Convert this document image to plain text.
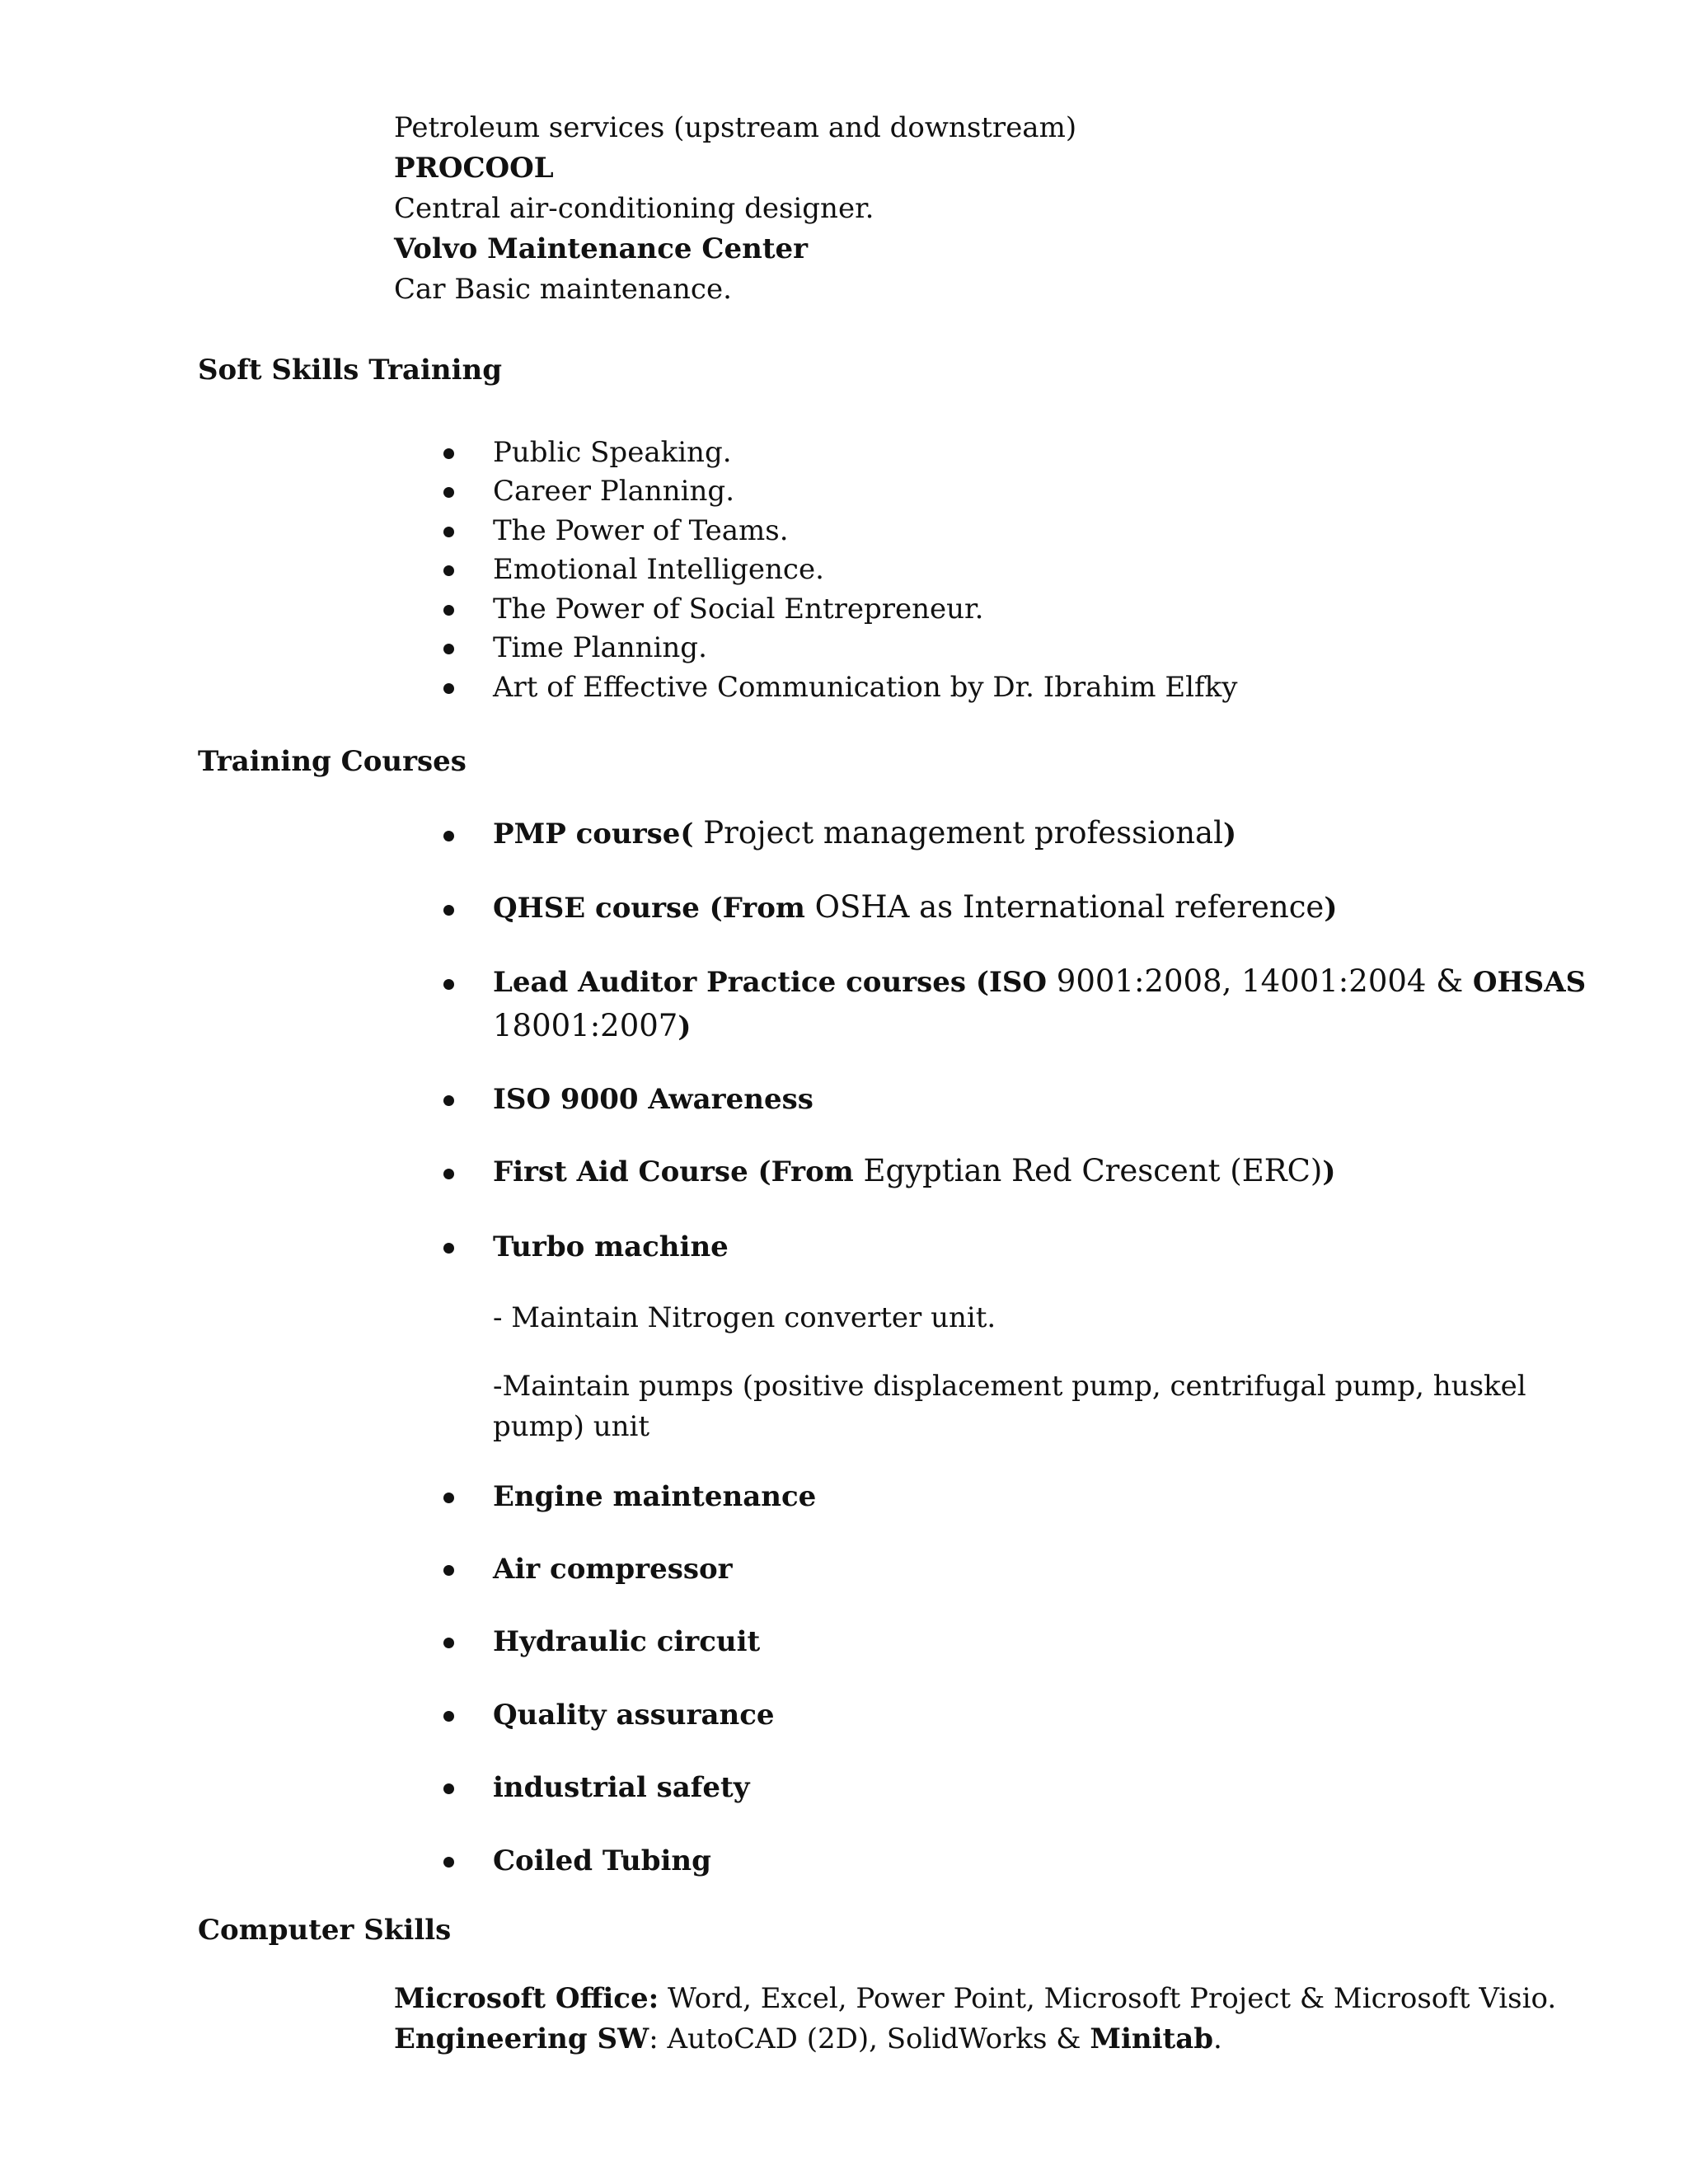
Petroleum services (upstream and downstream)
PROCOOL
Central air-conditioning designer.
Volvo Maintenance Center
Car Basic maintenance.
Soft Skills Training
Public Speaking.
Career Planning.
The Power of Teams.
Emotional Intelligence.
The Power of Social Entrepreneur.
Time Planning.
Art of Effective Communication by Dr. Ibrahim Elfky
Training Courses
PMP course( Project management professional)
QHSE course (From OSHA as International reference)
Lead Auditor Practice courses (ISO 9001:2008, 14001:2004 & OHSAS
18001:2007)
ISO 9000 Awareness
First Aid Course (From Egyptian Red Crescent (ERC))
Turbo machine
- Maintain Nitrogen converter unit.
-Maintain pumps (positive displacement pump, centrifugal pump, huskel
pump) unit
Engine maintenance
Air compressor
Hydraulic circuit
Quality assurance
industrial safety
Coiled Tubing
Computer Skills
Microsoft Office: Word, Excel, Power Point, Microsoft Project & Microsoft Visio.
Engineering SW: AutoCAD (2D), SolidWorks & Minitab.
